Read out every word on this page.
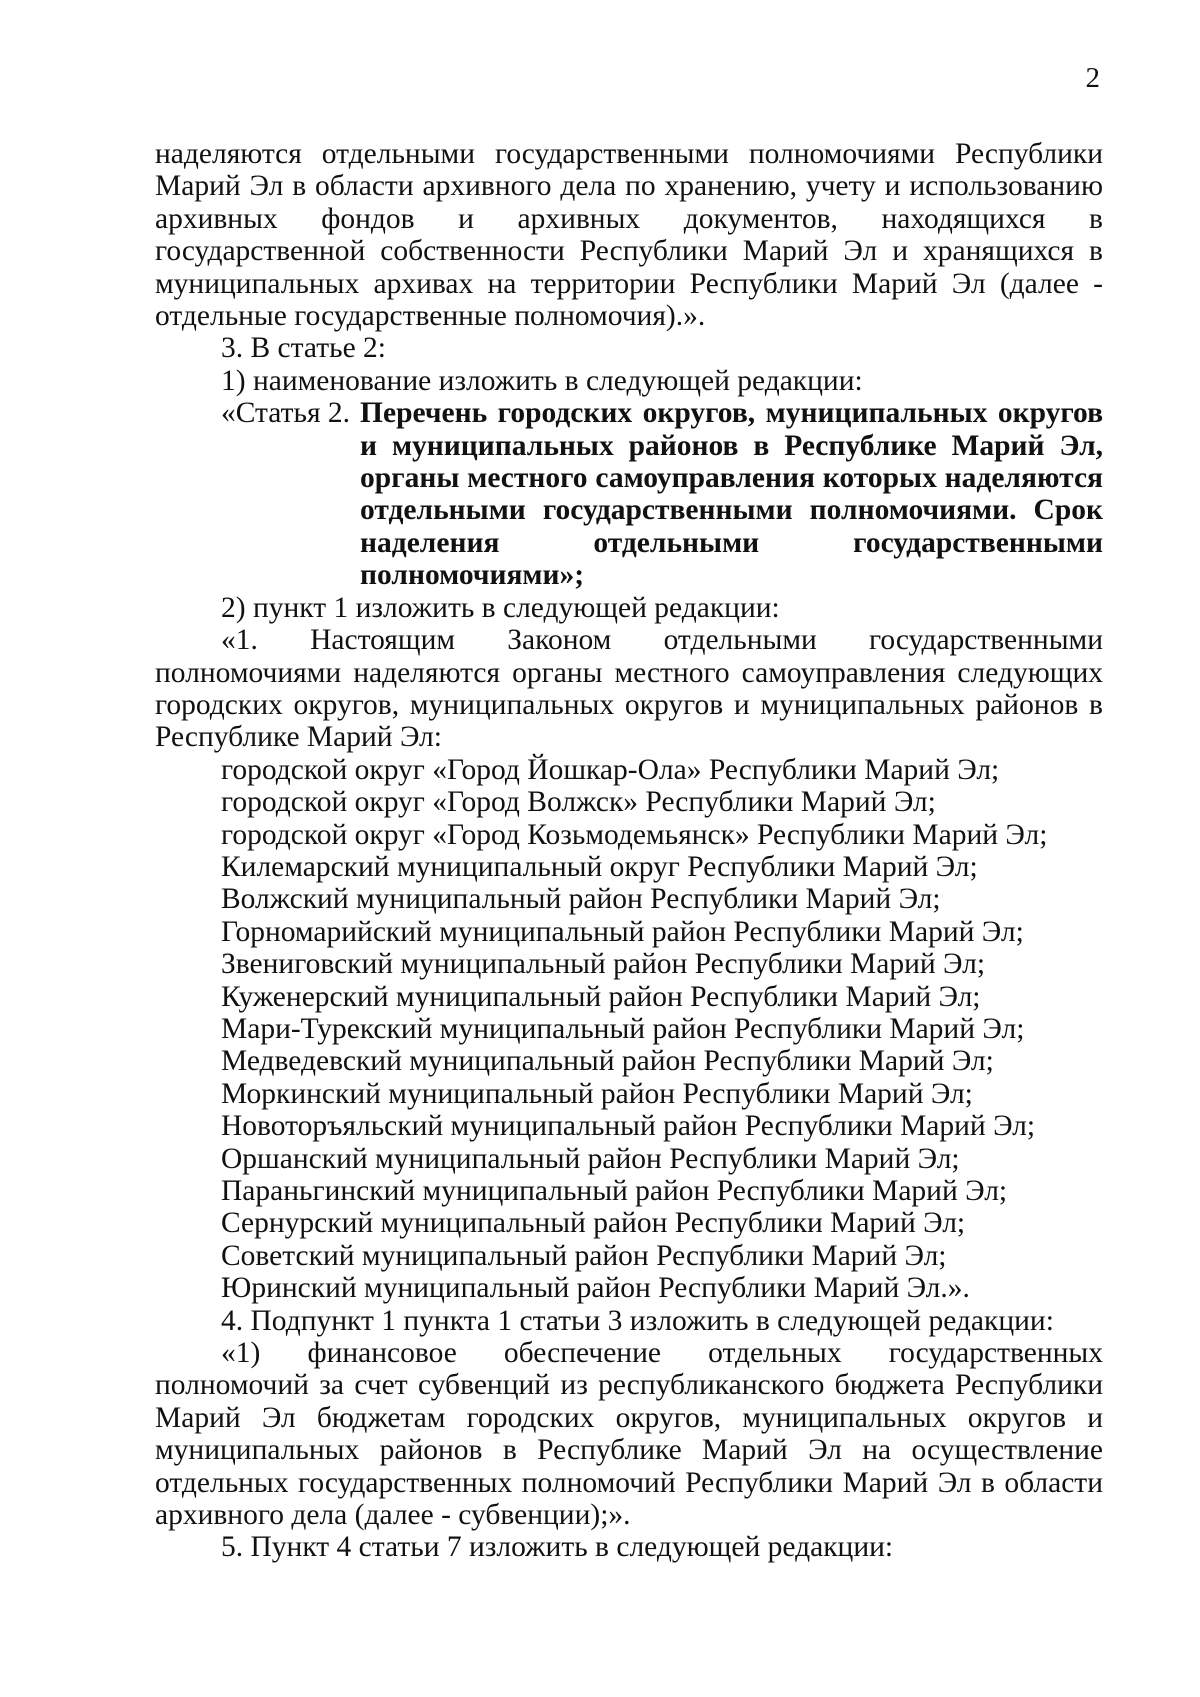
2

наделяются отдельными государственными полномочиями Республики Марий Эл в области архивного дела по хранению, учету и использованию архивных фондов и архивных документов, находящихся в государственной собственности Республики Марий Эл и хранящихся в муниципальных архивах на территории Республики Марий Эл (далее - отдельные государственные полномочия).».

3. В статье 2:

1) наименование изложить в следующей редакции:

«Статья 2. Перечень городских округов, муниципальных округов и муниципальных районов в Республике Марий Эл, органы местного самоуправления которых наделяются отдельными государственными полномочиями. Срок наделения отдельными государственными полномочиями»;

2) пункт 1 изложить в следующей редакции:

«1. Настоящим Законом отдельными государственными полномочиями наделяются органы местного самоуправления следующих городских округов, муниципальных округов и муниципальных районов в Республике Марий Эл:

городской округ «Город Йошкар-Ола» Республики Марий Эл;

городской округ «Город Волжск» Республики Марий Эл;

городской округ «Город Козьмодемьянск» Республики Марий Эл;

Килемарский муниципальный округ Республики Марий Эл;

Волжский муниципальный район Республики Марий Эл;

Горномарийский муниципальный район Республики Марий Эл;

Звениговский муниципальный район Республики Марий Эл;

Куженерский муниципальный район Республики Марий Эл;

Мари-Турекский муниципальный район Республики Марий Эл;

Медведевский муниципальный район Республики Марий Эл;

Моркинский муниципальный район Республики Марий Эл;

Новоторъяльский муниципальный район Республики Марий Эл;

Оршанский муниципальный район Республики Марий Эл;

Параньгинский муниципальный район Республики Марий Эл;

Сернурский муниципальный район Республики Марий Эл;

Советский муниципальный район Республики Марий Эл;

Юринский муниципальный район Республики Марий Эл.».

4. Подпункт 1 пункта 1 статьи 3 изложить в следующей редакции:

«1) финансовое обеспечение отдельных государственных полномочий за счет субвенций из республиканского бюджета Республики Марий Эл бюджетам городских округов, муниципальных округов и муниципальных районов в Республике Марий Эл на осуществление отдельных государственных полномочий Республики Марий Эл в области архивного дела (далее - субвенции);».

5. Пункт 4 статьи 7 изложить в следующей редакции:
